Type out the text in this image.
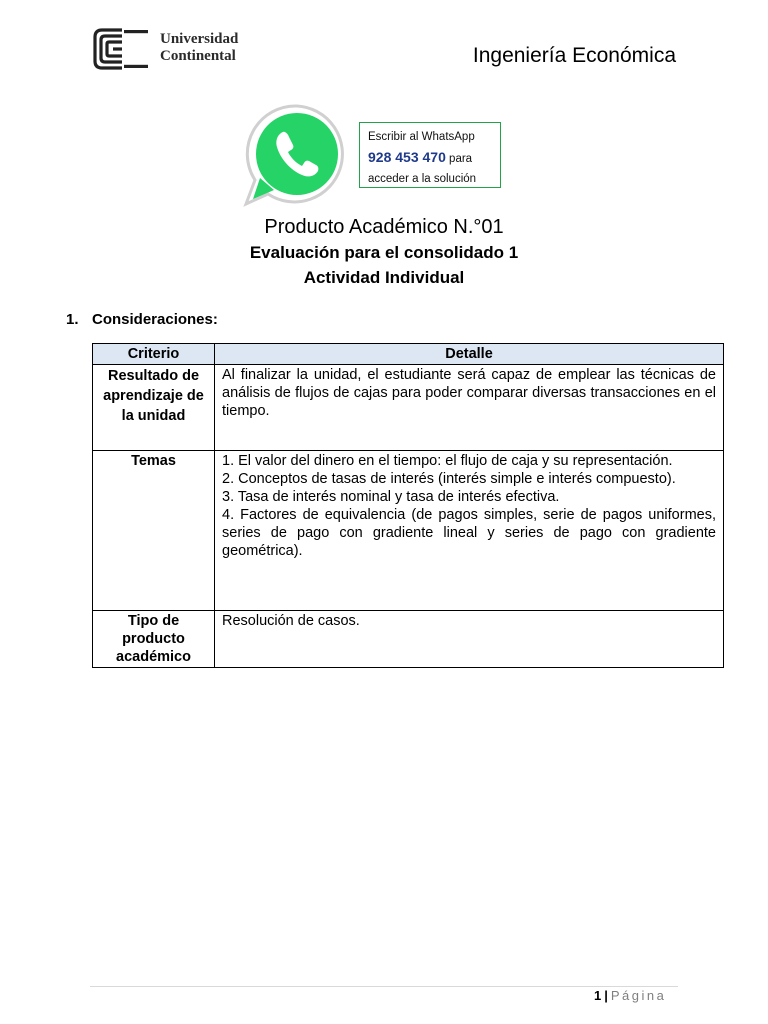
Universidad
Continental	Ingeniería Económica
Escribir al WhatsApp
928 453 470 para
acceder a la solución
Producto Académico N.°01
Evaluación para el consolidado 1
Actividad Individual
1. Consideraciones:
Criterio	Detalle
Resultado de aprendizaje de la unidad	Al finalizar la unidad, el estudiante será capaz de emplear las técnicas de análisis de flujos de cajas para poder comparar diversas transacciones en el tiempo.

Temas	1. El valor del dinero en el tiempo: el flujo de caja y su representación.
2. Conceptos de tasas de interés (interés simple e interés compuesto).
3. Tasa de interés nominal y tasa de interés efectiva.
4. Factores de equivalencia (de pagos simples, serie de pagos uniformes, series de pago con gradiente lineal y series de pago con gradiente geométrica).

Tipo de producto académico	Resolución de casos.
1 | Página
